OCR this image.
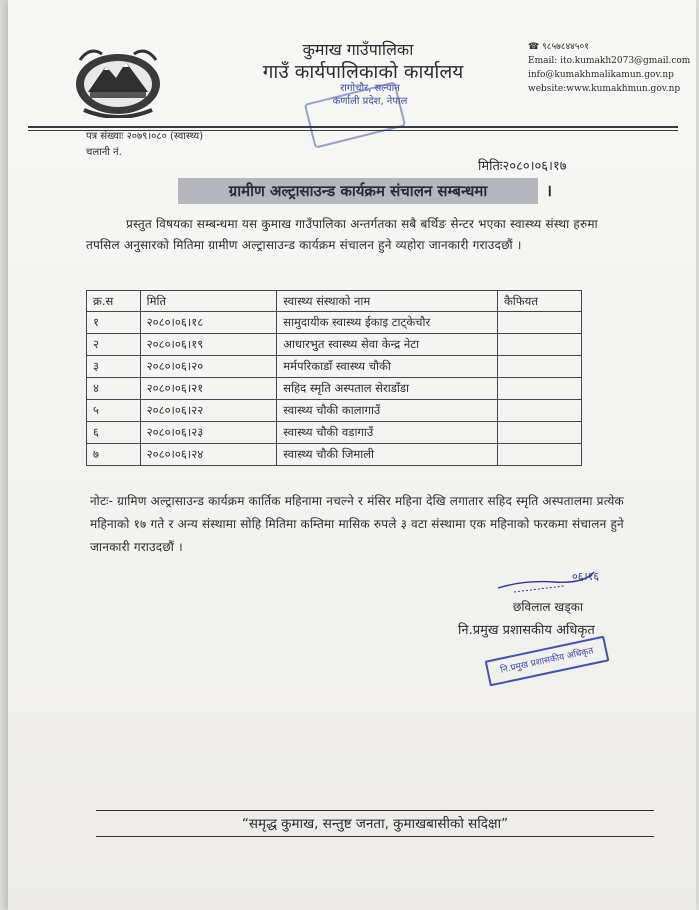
कुमाख गाउँपालिका
गाउँ कार्यपालिकाको कार्यालय
रागोचौर, सल्यान
कर्णाली प्रदेश, नेपाल
☎ ९८५७८४४५०१
Email: ito.kumakh2073@gmail.com
info@kumakhmalikamun.gov.np
website:www.kumakhmun.gov.np
पत्र संख्याः २०७९।०८० (स्वास्थ्य)
चलानी नं.
मितिः२०८०।०६।१७
ग्रामीण अल्ट्रासाउन्ड कार्यक्रम संचालन सम्बन्धमा	।
प्रस्तुत विषयका सम्बन्धमा यस कुमाख गाउँपालिका अन्तर्गतका सबै बर्थिङ सेन्टर भएका स्वास्थ्य संस्था हरुमा तपसिल अनुसारको मितिमा ग्रामीण अल्ट्रासाउन्ड कार्यक्रम संचालन हुने व्यहोरा जानकारी गराउदछौं ।
क्र.स	मिति	स्वास्थ्य संस्थाको नाम	कैफियत
१	२०८०।०६।१८	सामुदायीक स्वास्थ्य ईकाइ टाट्केचौर	
२	२०८०।०६।१९	आधारभुत स्वास्थ्य सेवा केन्द्र नेटा	
३	२०८०।०६।२०	मर्मपरिकाडाँ स्वास्थ्य चौकी	
४	२०८०।०६।२१	सहिद स्मृति अस्पताल सेराडाँडा	
५	२०८०।०६।२२	स्वास्थ्य चौकी कालागाउँ	
६	२०८०।०६।२३	स्वास्थ्य चौकी वडागाउँ	
७	२०८०।०६।२४	स्वास्थ्य चौकी जिमाली	
नोटः- ग्रामिण अल्ट्रासाउन्ड कार्यक्रम कार्तिक महिनामा नचल्ने र मंसिर महिना देखि लगातार सहिद स्मृति अस्पतालमा प्रत्येक महिनाको १७ गते र अन्य संस्थामा सोहि मितिमा कम्तिमा मासिक रुपले ३ वटा संस्थामा एक महिनाको फरकमा संचालन हुने जानकारी गराउदछौं ।
०६।१६
छविलाल खड्का
नि.प्रमुख प्रशासकीय अधिकृत
नि.प्रमुख प्रशासकीय अधिकृत
“समृद्ध कुमाख, सन्तुष्ट जनता, कुमाखबासीको सदिक्षा”
